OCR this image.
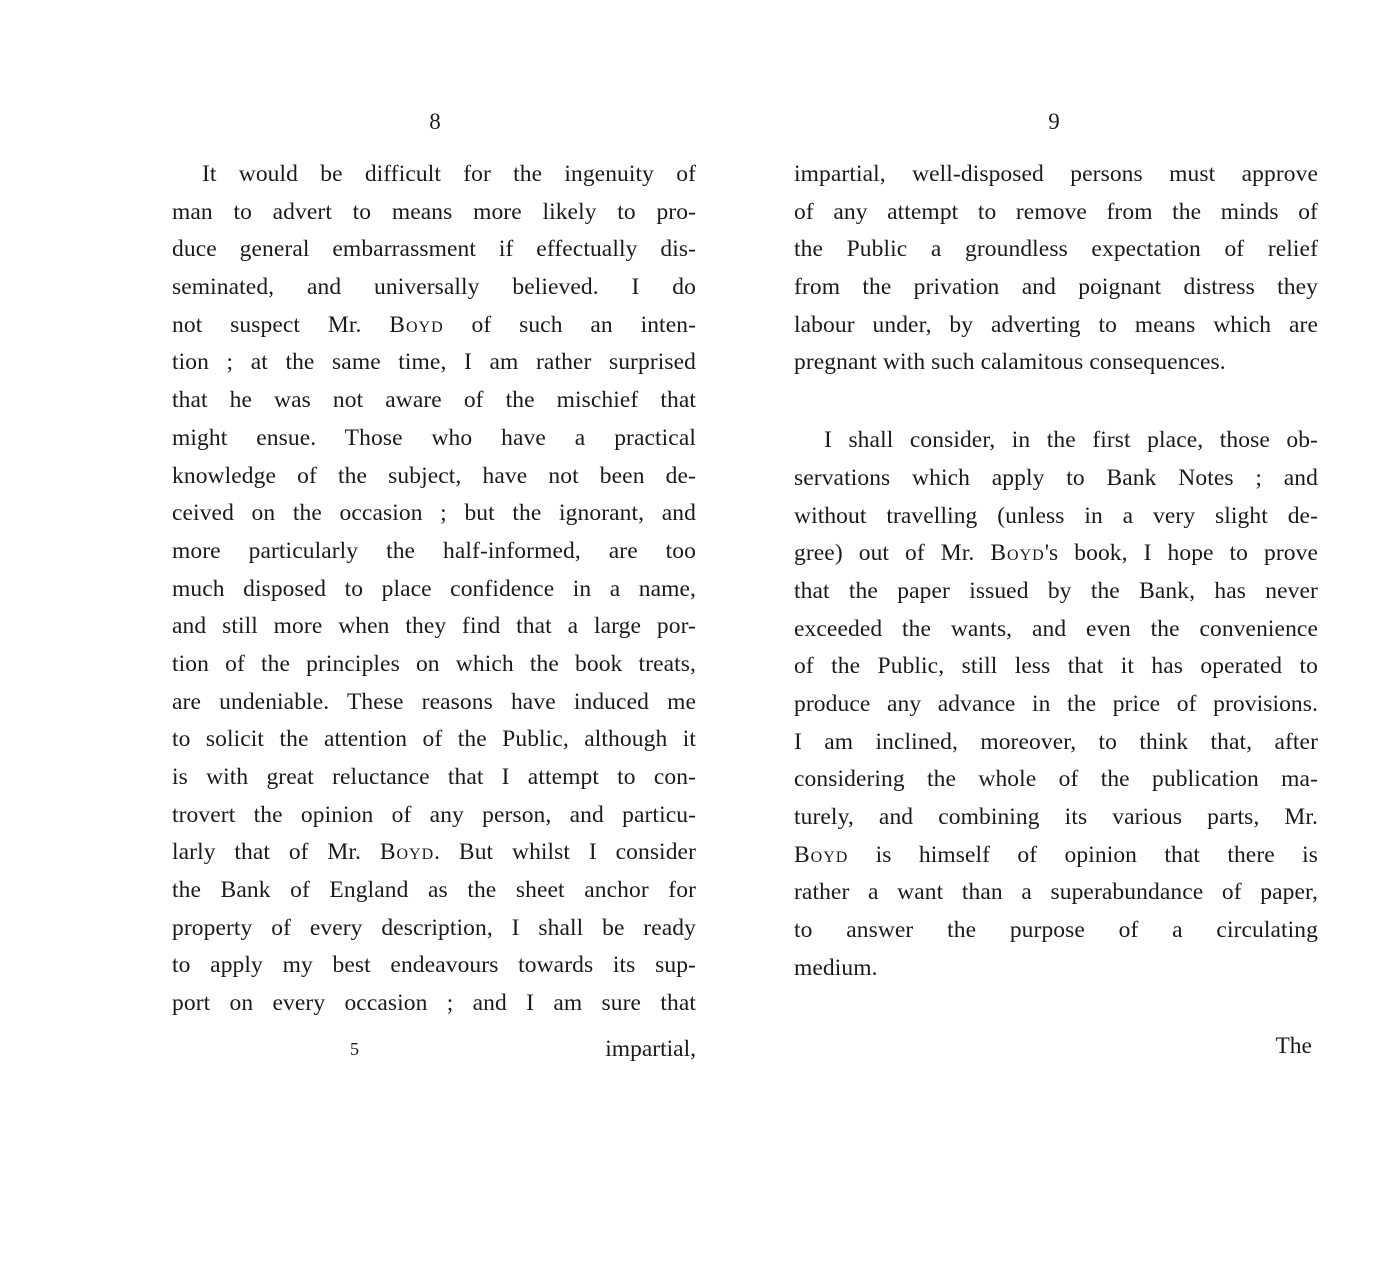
8
It would be difficult for the ingenuity of
man to advert to means more likely to pro-
duce general embarrassment if effectually dis-
seminated, and universally believed. I do
not suspect Mr. Boyd of such an inten-
tion ; at the same time, I am rather surprised
that he was not aware of the mischief that
might ensue. Those who have a practical
knowledge of the subject, have not been de-
ceived on the occasion ; but the ignorant, and
more particularly the half-informed, are too
much disposed to place confidence in a name,
and still more when they find that a large por-
tion of the principles on which the book treats,
are undeniable. These reasons have induced me
to solicit the attention of the Public, although it
is with great reluctance that I attempt to con-
trovert the opinion of any person, and particu-
larly that of Mr. Boyd. But whilst I consider
the Bank of England as the sheet anchor for
property of every description, I shall be ready
to apply my best endeavours towards its sup-
port on every occasion ; and I am sure that
5	impartial,
9
impartial, well-disposed persons must approve
of any attempt to remove from the minds of
the Public a groundless expectation of relief
from the privation and poignant distress they
labour under, by adverting to means which are
pregnant with such calamitous consequences.
I shall consider, in the first place, those ob-
servations which apply to Bank Notes ; and
without travelling (unless in a very slight de-
gree) out of Mr. Boyd's book, I hope to prove
that the paper issued by the Bank, has never
exceeded the wants, and even the convenience
of the Public, still less that it has operated to
produce any advance in the price of provisions.
I am inclined, moreover, to think that, after
considering the whole of the publication ma-
turely, and combining its various parts, Mr.
Boyd is himself of opinion that there is
rather a want than a superabundance of paper,
to answer the purpose of a circulating
medium.
The
